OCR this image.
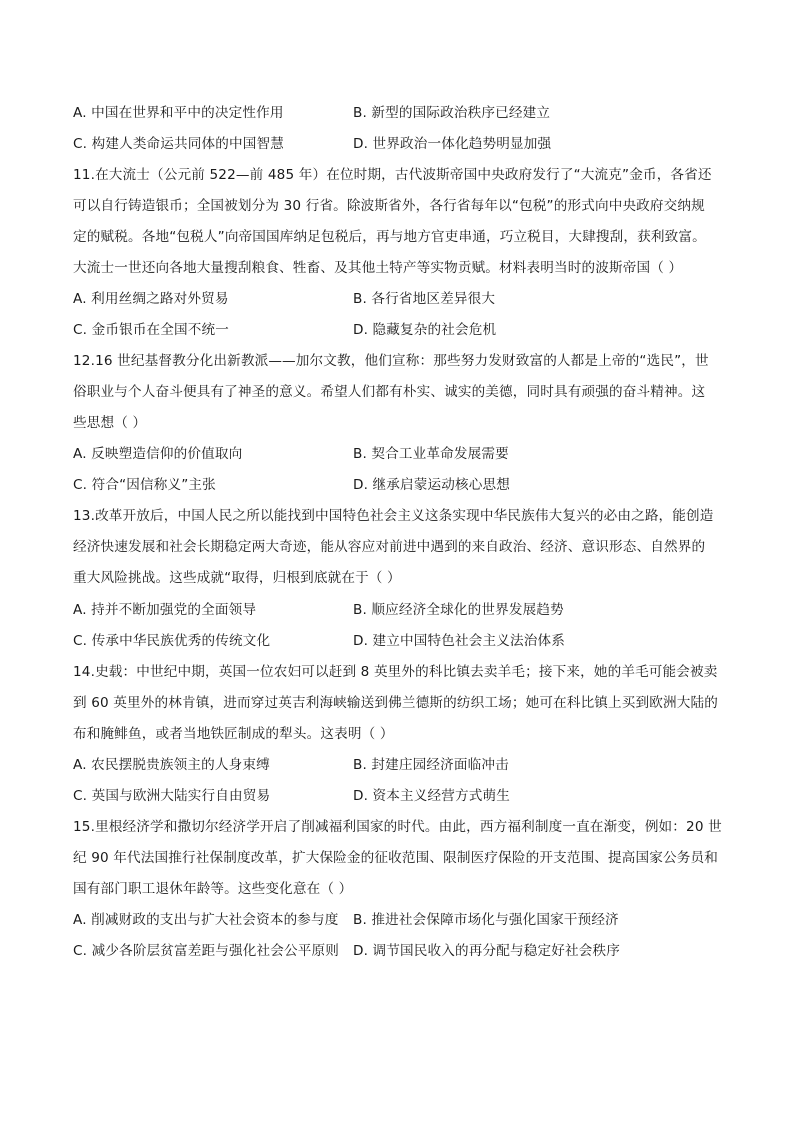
A. 中国在世界和平中的决定性作用	B. 新型的国际政治秩序已经建立
C. 构建人类命运共同体的中国智慧	D. 世界政治一体化趋势明显加强
11.在大流士（公元前 522—前 485 年）在位时期，古代波斯帝国中央政府发行了“大流克”金币，各省还
可以自行铸造银币；全国被划分为 30 行省。除波斯省外，各行省每年以“包税”的形式向中央政府交纳规
定的赋税。各地“包税人”向帝国国库纳足包税后，再与地方官吏串通，巧立税目，大肆搜刮，获利致富。
大流士一世还向各地大量搜刮粮食、牲畜、及其他土特产等实物贡赋。材料表明当时的波斯帝国（ ）
A. 利用丝绸之路对外贸易	B. 各行省地区差异很大
C. 金币银币在全国不统一	D. 隐藏复杂的社会危机
12.16 世纪基督教分化出新教派——加尔文教，他们宣称：那些努力发财致富的人都是上帝的“选民”，世
俗职业与个人奋斗便具有了神圣的意义。希望人们都有朴实、诚实的美德，同时具有顽强的奋斗精神。这
些思想（ ）
A. 反映塑造信仰的价值取向	B. 契合工业革命发展需要
C. 符合“因信称义”主张	D. 继承启蒙运动核心思想
13.改革开放后，中国人民之所以能找到中国特色社会主义这条实现中华民族伟大复兴的必由之路，能创造
经济快速发展和社会长期稳定两大奇迹，能从容应对前进中遇到的来自政治、经济、意识形态、自然界的
重大风险挑战。这些成就“取得，归根到底就在于（ ）
A. 持并不断加强党的全面领导	B. 顺应经济全球化的世界发展趋势
C. 传承中华民族优秀的传统文化	D. 建立中国特色社会主义法治体系
14.史载：中世纪中期，英国一位农妇可以赶到 8 英里外的科比镇去卖羊毛；接下来，她的羊毛可能会被卖
到 60 英里外的林肯镇，进而穿过英吉利海峡输送到佛兰德斯的纺织工场；她可在科比镇上买到欧洲大陆的
布和腌鲱鱼，或者当地铁匠制成的犁头。这表明（ ）
A. 农民摆脱贵族领主的人身束缚	B. 封建庄园经济面临冲击
C. 英国与欧洲大陆实行自由贸易	D. 资本主义经营方式萌生
15.里根经济学和撒切尔经济学开启了削减福利国家的时代。由此，西方福利制度一直在渐变，例如：20 世
纪 90 年代法国推行社保制度改革，扩大保险金的征收范围、限制医疗保险的开支范围、提高国家公务员和
国有部门职工退休年龄等。这些变化意在（ ）
A. 削减财政的支出与扩大社会资本的参与度 B. 推进社会保障市场化与强化国家干预经济
C. 减少各阶层贫富差距与强化社会公平原则 D. 调节国民收入的再分配与稳定好社会秩序
